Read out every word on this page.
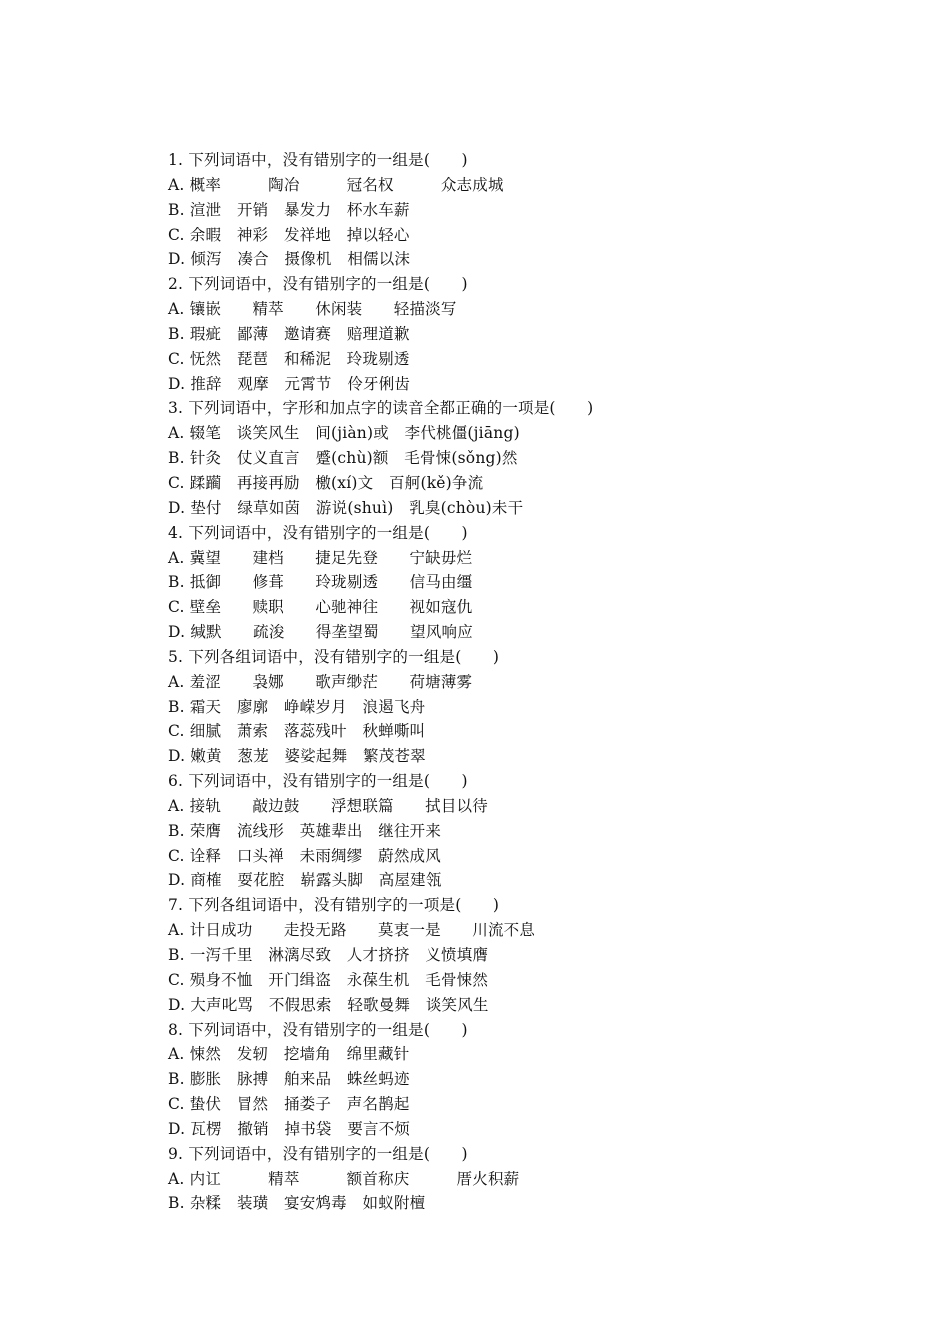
1. 下列词语中，没有错别字的一组是(　　)
A. 概率　　　陶冶　　　冠名权　　　众志成城
B. 渲泄　开销　暴发力　杯水车薪
C. 余暇　神彩　发祥地　掉以轻心
D. 倾泻　凑合　摄像机　相儒以沫
2. 下列词语中，没有错别字的一组是(　　)
A. 镶嵌　　精萃　　休闲装　　轻描淡写
B. 瑕疵　鄙薄　邀请赛　赔理道歉
C. 怃然　琵琶　和稀泥　玲珑剔透
D. 推辞　观摩　元霄节　伶牙俐齿
3. 下列词语中，字形和加点字的读音全都正确的一项是(　　)
A. 辍笔　谈笑风生　间(jiàn)或　李代桃僵(jiāng)
B. 针灸　仗义直言　蹙(chù)额　毛骨悚(sǒng)然
C. 蹂躏　再接再励　檄(xí)文　百舸(kě)争流
D. 垫付　绿草如茵　游说(shuì)　乳臭(chòu)未干
4. 下列词语中，没有错别字的一组是(　　)
A. 冀望　　建档　　捷足先登　　宁缺毋烂
B. 抵御　　修葺　　玲珑剔透　　信马由缰
C. 壁垒　　赎职　　心驰神往　　视如寇仇
D. 缄默　　疏浚　　得垄望蜀　　望风响应
5. 下列各组词语中，没有错别字的一组是(　　)
A. 羞涩　　袅娜　　歌声缈茫　　荷塘薄雾
B. 霜天　廖廓　峥嵘岁月　浪遏飞舟
C. 细腻　萧索　落蕊残叶　秋蝉嘶叫
D. 嫩黄　葱茏　婆娑起舞　繁茂苍翠
6. 下列词语中，没有错别字的一组是(　　)
A. 接轨　　敲边鼓　　浮想联篇　　拭目以待
B. 荣膺　流线形　英雄辈出　继往开来
C. 诠释　口头禅　未雨绸缪　蔚然成风
D. 商榷　耍花腔　崭露头脚　高屋建瓴
7. 下列各组词语中，没有错别字的一项是(　　)
A. 计日成功　　走投无路　　莫衷一是　　川流不息
B. 一泻千里　淋漓尽致　人才挤挤　义愤填膺
C. 殒身不恤　开门缉盗　永葆生机　毛骨悚然
D. 大声叱骂　不假思索　轻歌曼舞　谈笑风生
8. 下列词语中，没有错别字的一组是(　　)
A. 悚然　发轫　挖墙角　绵里藏针
B. 膨胀　脉搏　舶来品　蛛丝蚂迹
C. 蛰伏　冒然　捅娄子　声名鹊起
D. 瓦楞　撤销　掉书袋　要言不烦
9. 下列词语中，没有错别字的一组是(　　)
A. 内讧　　　精萃　　　额首称庆　　　厝火积薪
B. 杂糅　装璜　宴安鸩毒　如蚁附檀
